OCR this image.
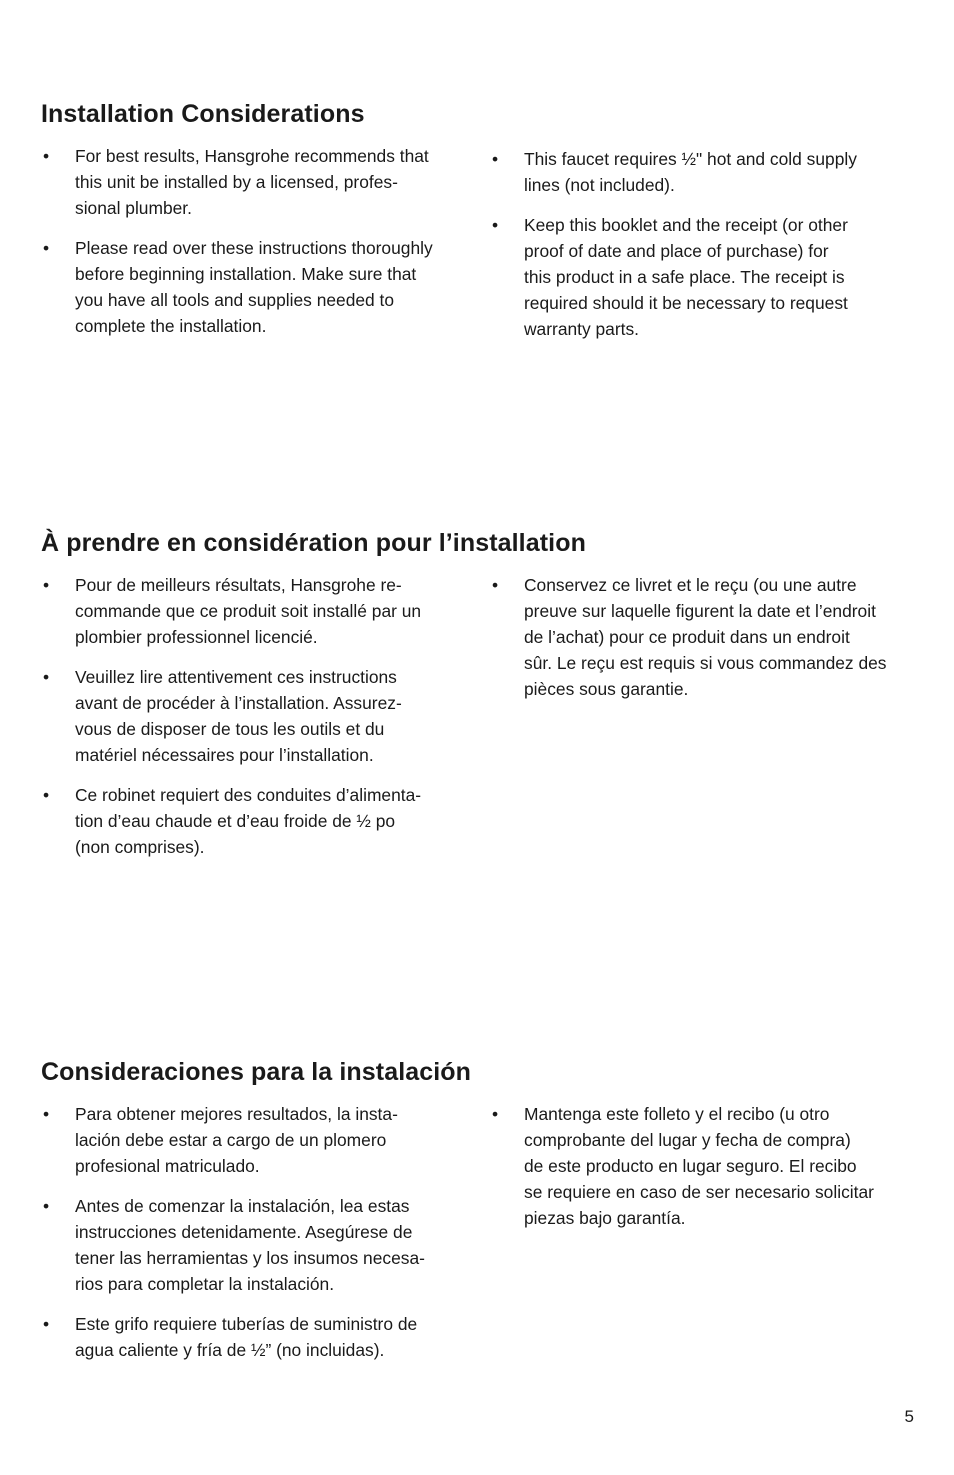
Installation Considerations
• For best results, Hansgrohe recommends that
this unit be installed by a licensed, profes-
sional plumber.
• Please read over these instructions thoroughly
before beginning installation. Make sure that
you have all tools and supplies needed to
complete the installation.
• This faucet requires ½" hot and cold supply
lines (not included).
• Keep this booklet and the receipt (or other
proof of date and place of purchase) for
this product in a safe place. The receipt is
required should it be necessary to request
warranty parts.
À prendre en considération pour l’installation
• Pour de meilleurs résultats, Hansgrohe re-
commande que ce produit soit installé par un
plombier professionnel licencié.
• Veuillez lire attentivement ces instructions
avant de procéder à l’installation. Assurez-
vous de disposer de tous les outils et du
matériel nécessaires pour l’installation.
• Ce robinet requiert des conduites d’alimenta-
tion d’eau chaude et d’eau froide de ½ po
(non comprises).
• Conservez ce livret et le reçu (ou une autre
preuve sur laquelle figurent la date et l’endroit
de l’achat) pour ce produit dans un endroit
sûr. Le reçu est requis si vous commandez des
pièces sous garantie.
Consideraciones para la instalación
• Para obtener mejores resultados, la insta-
lación debe estar a cargo de un plomero
profesional matriculado.
• Antes de comenzar la instalación, lea estas
instrucciones detenidamente. Asegúrese de
tener las herramientas y los insumos necesa-
rios para completar la instalación.
• Este grifo requiere tuberías de suministro de
agua caliente y fría de ½” (no incluidas).
• Mantenga este folleto y el recibo (u otro
comprobante del lugar y fecha de compra)
de este producto en lugar seguro. El recibo
se requiere en caso de ser necesario solicitar
piezas bajo garantía.
5
